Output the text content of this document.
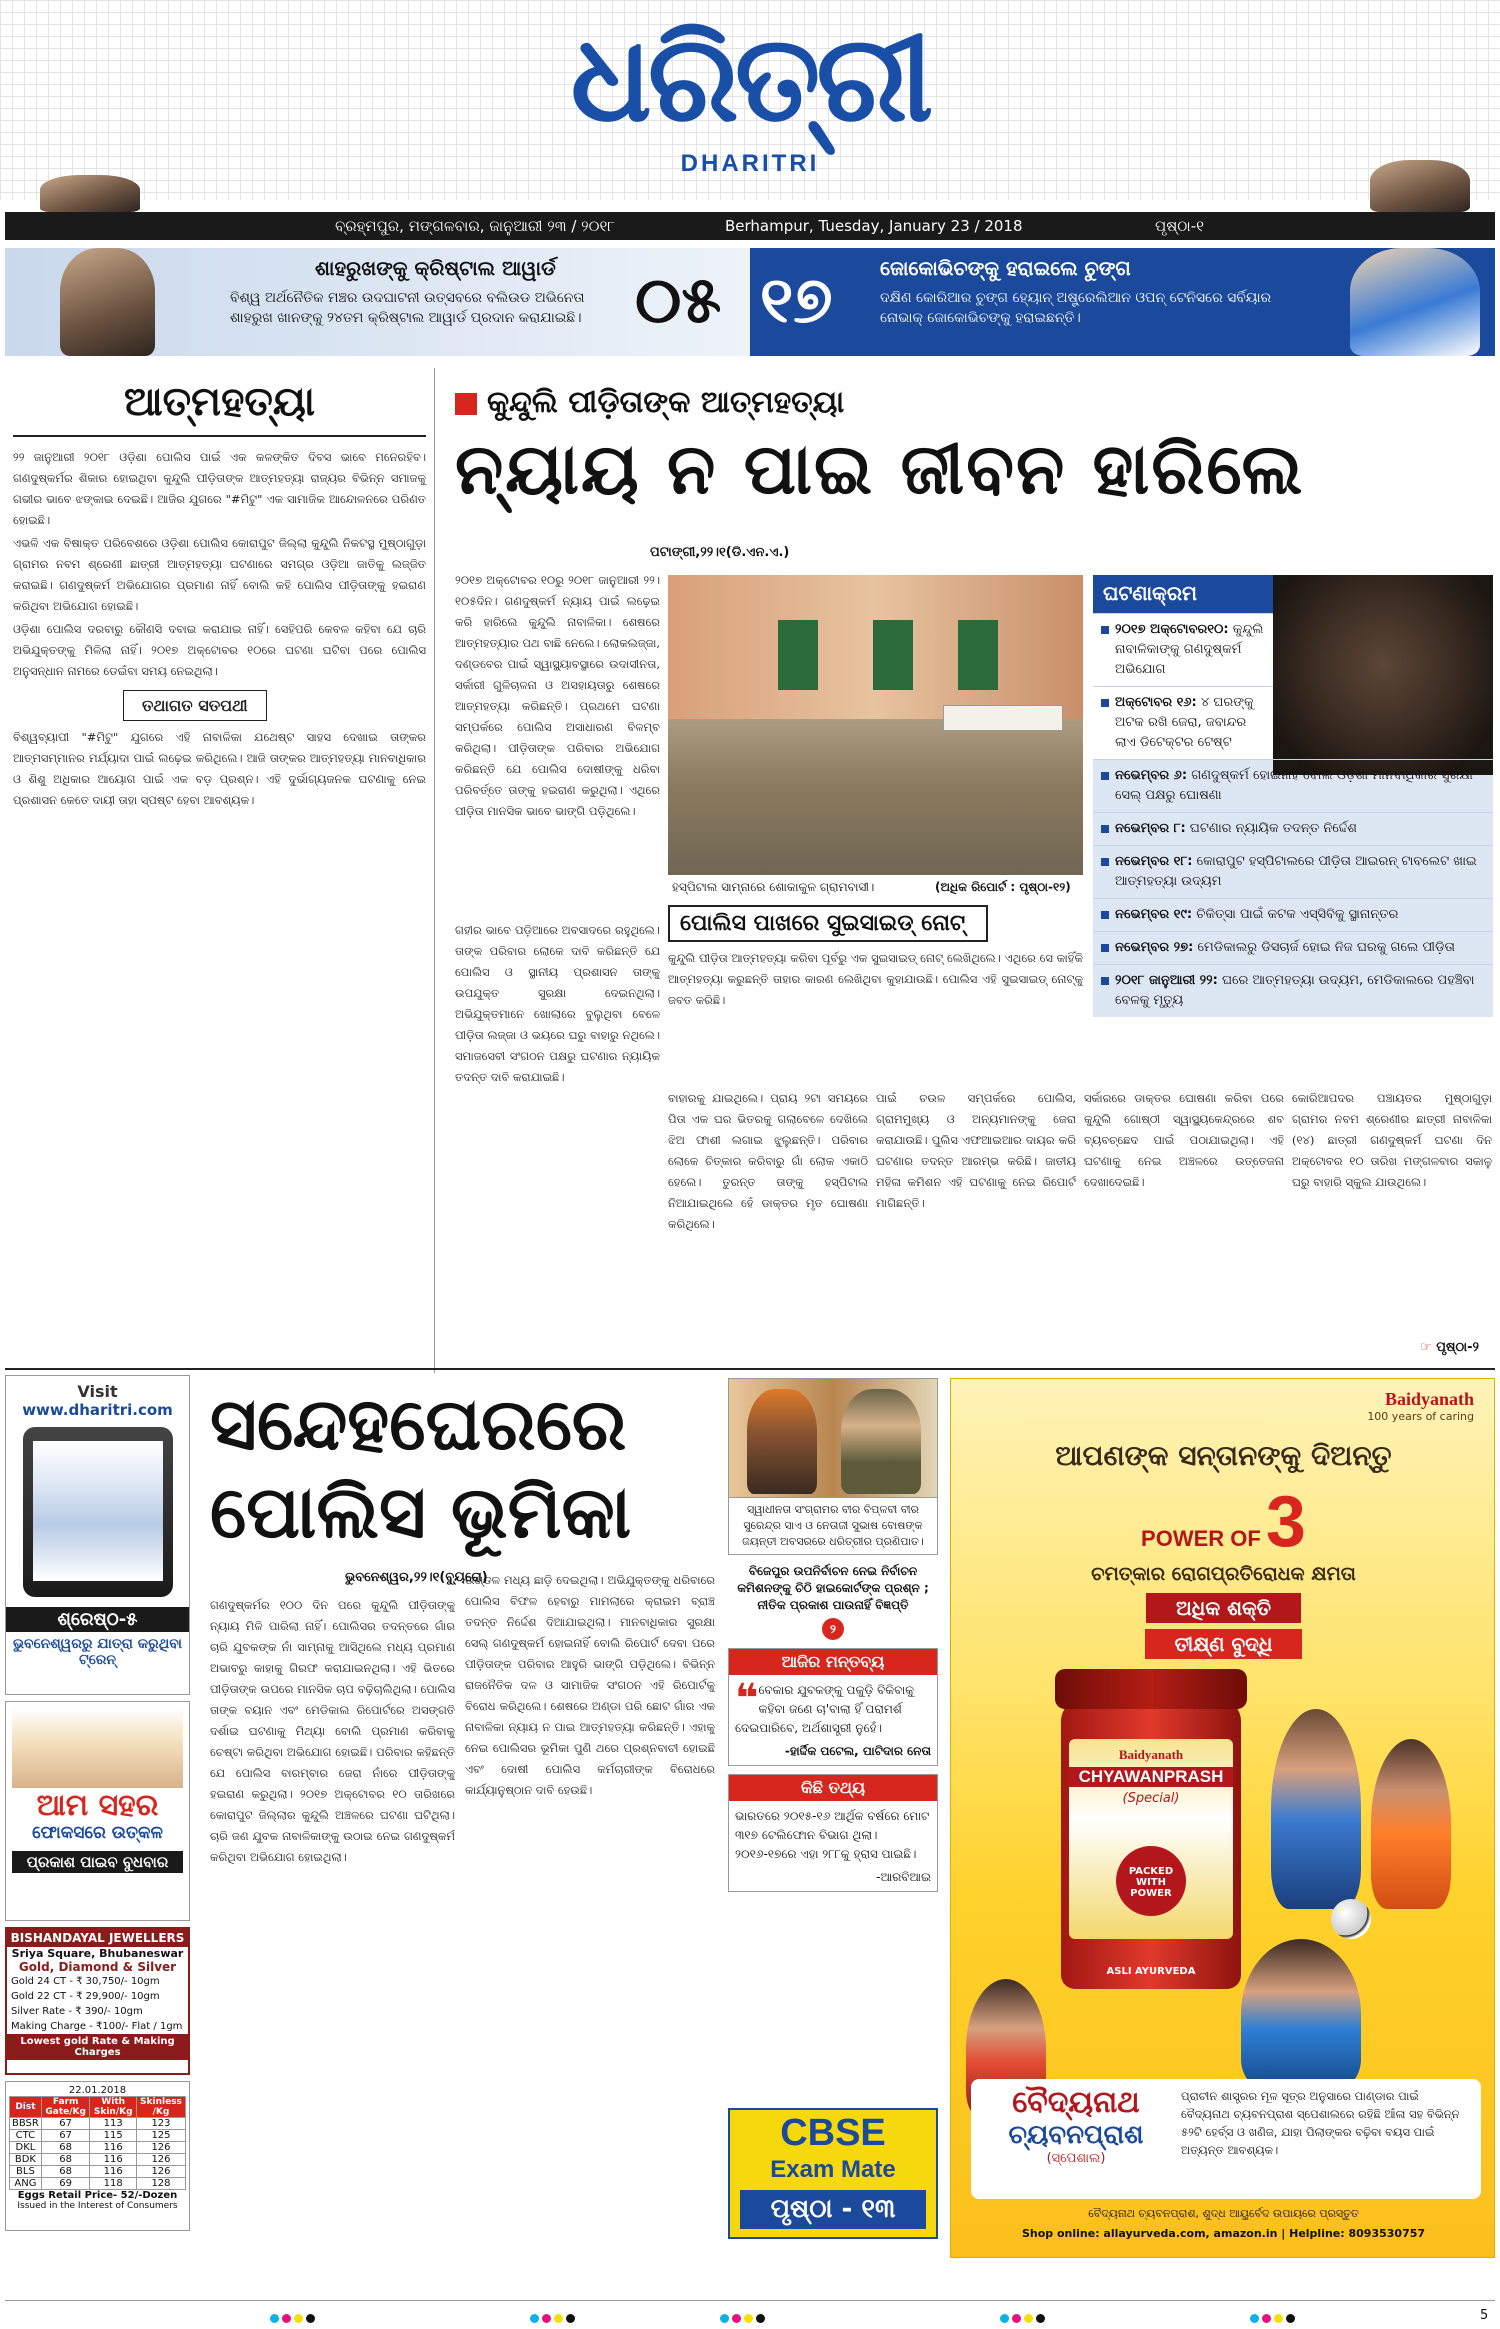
ଧରିତ୍ରୀ
DHARITRI
ବ୍ରହ୍ମପୁର, ମଙ୍ଗଳବାର, ଜାନୁଆରୀ ୨୩ / ୨୦୧୮	Berhampur, Tuesday, January 23 / 2018	ପୃଷ୍ଠା-୧
ଶାହରୁଖଙ୍କୁ କ୍ରିଷ୍ଟାଲ ଆୱାର୍ଡ
ବିଶ୍ୱ ଅର୍ଥନୈତିକ ମଞ୍ଚର ଉଦଘାଟନୀ ଉତ୍ସବରେ ବଲିଉଡ ଅଭିନେତା ଶାହରୁଖ ଖାନଙ୍କୁ ୨୪ତମ କ୍ରିଷ୍ଟାଲ ଆୱାର୍ଡ ପ୍ରଦାନ କରାଯାଇଛି। ୦୫ ୧୭ ଜୋକୋଭିଚଙ୍କୁ ହରାଇଲେ ଚୁଙ୍ଗ
ଦକ୍ଷିଣ କୋରିଆର ଚୁଙ୍ଗ ହ୍ୟୋନ୍ ଅଷ୍ଟ୍ରେଲିଆନ ଓପନ୍ ଟେନିସରେ ସର୍ବିୟାର ନୋଭାକ୍ ଜୋକୋଭିଚଙ୍କୁ ହରାଇଛନ୍ତି।
ଆତ୍ମହତ୍ୟା

୨୨ ଜାନୁଆରୀ ୨୦୧୮ ଓଡ଼ିଶା ପୋଲିସ ପାଇଁ ଏକ କଳଙ୍କିତ ଦିବସ ଭାବେ ମନେରହିବ। ଗଣଦୁଷ୍କର୍ମର ଶିକାର ହୋଇଥିବା କୁନ୍ଦୁଲି ପୀଡ଼ିତାଙ୍କ ଆତ୍ମହତ୍ୟା ରାଜ୍ୟର ବିଭିନ୍ନ ସମାଜକୁ ଗଭୀର ଭାବେ ଝଙ୍କାଇ ଦେଇଛି। ଆଜିର ଯୁଗରେ "#ମିଟୁ" ଏକ ସାମାଜିକ ଆନ୍ଦୋଳନରେ ପରିଣତ ହୋଇଛି।

ଏଭଳି ଏକ ବିଷାକ୍ତ ପରିବେଶରେ ଓଡ଼ିଶା ପୋଲିସ କୋରାପୁଟ ଜିଲ୍ଲା କୁନ୍ଦୁଲି ନିକଟସ୍ଥ ମୁଷ୍ଠାଗୁଡ଼ା ଗ୍ରାମର ନବମ ଶ୍ରେଣୀ ଛାତ୍ରୀ ଆତ୍ମହତ୍ୟା ଘଟଣାରେ ସମଗ୍ର ଓଡ଼ିଆ ଜାତିକୁ ଲଜ୍ଜିତ କରାଇଛି। ଗଣଦୁଷ୍କର୍ମ ଅଭିଯୋଗର ପ୍ରମାଣ ନାହିଁ ବୋଲି କହି ପୋଲିସ ପୀଡ଼ିତାଙ୍କୁ ହଇରାଣ କରିଥିବା ଅଭିଯୋଗ ହୋଇଛି।

ଓଡ଼ିଶା ପୋଲିସ ଦରବାରୁ କୌଣସି ଦବାଇ କରାଯାଇ ନାହିଁ। ସେହିପରି କେବଳ କହିବା ଯେ ଚାରି ଅଭିଯୁକ୍ତଙ୍କୁ ମିଳିଲା ନାହିଁ। ୨୦୧୭ ଅକ୍ଟୋବର ୧୦ରେ ଘଟଣା ଘଟିବା ପରେ ପୋଲିସ ଅନୁସନ୍ଧାନ ନାମରେ ଡେଇଁବା ସମୟ ନେଇଥିଲା।

ତଥାଗତ ସତପଥୀ

ବିଶ୍ୱବ୍ୟାପୀ "#ମିଟୁ" ଯୁଗରେ ଏହି ନାବାଳିକା ଯଥେଷ୍ଟ ସାହସ ଦେଖାଇ ତାଙ୍କର ଆତ୍ମସମ୍ମାନର ମର୍ଯ୍ୟାଦା ପାଇଁ ଲଢ଼େଇ କରିଥିଲେ। ଆଜି ତାଙ୍କର ଆତ୍ମହତ୍ୟା ମାନବାଧିକାର ଓ ଶିଶୁ ଅଧିକାର ଆୟୋଗ ପାଇଁ ଏକ ବଡ଼ ପ୍ରଶ୍ନ। ଏହି ଦୁର୍ଭାଗ୍ୟଜନକ ଘଟଣାକୁ ନେଇ ପ୍ରଶାସନ କେତେ ଦାୟୀ ତାହା ସ୍ପଷ୍ଟ ହେବା ଆବଶ୍ୟକ।

କୁନ୍ଦୁଲି ପୀଡ଼ିତାଙ୍କ ଆତ୍ମହତ୍ୟା
ନ୍ୟାୟ ନ ପାଇ ଜୀବନ ହାରିଲେ
ପଟାଙ୍ଗୀ,୨୨।୧(ଡି.ଏନ.ଏ.)
୨୦୧୭ ଅକ୍ଟୋବର ୧୦ରୁ ୨୦୧୮ ଜାନୁଆରୀ ୨୨। ୧୦୫ଦିନ। ଗଣଦୁଷ୍କର୍ମ ନ୍ୟାୟ ପାଇଁ ଲଢ଼େଇ କରି ହାରିଲେ କୁନ୍ଦୁଲି ନାବାଳିକା। ଶେଷରେ ଆତ୍ମହତ୍ୟାର ପଥ ବାଛି ନେଲେ। ଲୋକଲଜ୍ଜା, ଦଣ୍ଡବେର ପାଇଁ ସ୍ୱାସ୍ଥ୍ୟାବସ୍ଥାରେ ଉଦାସୀନତା, ସର୍କାରୀ ଗୁଳିଚାଳନା ଓ ଅସହାୟତାରୁ ଶେଷରେ ଆତ୍ମହତ୍ୟା କରିଛନ୍ତି। ପ୍ରଥମେ ଘଟଣା ସମ୍ପର୍କରେ ପୋଲିସ ଅସାଧାରଣ ବିଳମ୍ବ କରିଥିଲା। ପୀଡ଼ିତାଙ୍କ ପରିବାର ଅଭିଯୋଗ କରିଛନ୍ତି ଯେ ପୋଲିସ ଦୋଷୀଙ୍କୁ ଧରିବା ପରିବର୍ତ୍ତେ ତାଙ୍କୁ ହଇରାଣ କରୁଥିଲା। ଏଥିରେ ପୀଡ଼ିତା ମାନସିକ ଭାବେ ଭାଙ୍ଗି ପଡ଼ିଥିଲେ।
ଗହୀର ଭାବେ ପଡ଼ିଆରେ ଅବସାଦରେ ରହୁଥିଲେ। ତାଙ୍କ ପରିବାର ଲୋକେ ଦାବି କରିଛନ୍ତି ଯେ ପୋଲିସ ଓ ସ୍ଥାନୀୟ ପ୍ରଶାସନ ତାଙ୍କୁ ଉପଯୁକ୍ତ ସୁରକ୍ଷା ଦେଇନଥିଲା। ଅଭିଯୁକ୍ତମାନେ ଖୋଲାରେ ବୁଲୁଥିବା ବେଳେ ପୀଡ଼ିତା ଲଜ୍ଜା ଓ ଭୟରେ ଘରୁ ବାହାରୁ ନଥିଲେ। ସମାଜସେବୀ ସଂଗଠନ ପକ୍ଷରୁ ଘଟଣାର ନ୍ୟାୟିକ ତଦନ୍ତ ଦାବି କରାଯାଇଛି।
ହସ୍ପିଟାଲ ସାମ୍ନାରେ ଶୋକାକୁଳ ଗ୍ରାମବାସୀ।	(ଅଧିକ ରିପୋର୍ଟ : ପୃଷ୍ଠା-୧୨)
ପୋଲିସ ପାଖରେ ସୁଇସାଇଡ୍ ନୋଟ୍
କୁନ୍ଦୁଲି ପୀଡ଼ିତା ଆତ୍ମହତ୍ୟା କରିବା ପୂର୍ବରୁ ଏକ ସୁଇସାଇଡ୍ ନୋଟ୍ ଲେଖିଥିଲେ। ଏଥିରେ ସେ କାହିଁକି ଆତ୍ମହତ୍ୟା କରୁଛନ୍ତି ତାହାର କାରଣ ଲେଖିଥିବା କୁହାଯାଉଛି। ପୋଲିସ ଏହି ସୁଇସାଇଡ୍ ନୋଟ୍‌କୁ ଜବତ କରିଛି।
ଘଟଣାକ୍ରମ
୨୦୧୭ ଅକ୍ଟୋବର୧୦: କୁନ୍ଦୁଲି ନାବାଳିକାଙ୍କୁ ଗଣଦୁଷ୍କର୍ମ ଅଭିଯୋଗ
ଅକ୍ଟୋବର ୧୬: ୪ ଘରଙ୍କୁ ଅଟକ ରଖି ଜେରା, ଜବାନ୍ଦର ଲାଏ ଡିଟେକ୍ଟର ଟେଷ୍ଟ
ନଭେମ୍ବର ୬: ଗଣଦୁଷ୍କର୍ମ ହୋଇନାହିଁ ବୋଲି ଓଡ଼ିଶା ମାନବାଧିକାର ସୁରକ୍ଷା ସେଲ୍ ପକ୍ଷରୁ ଘୋଷଣା
ନଭେମ୍ବର ୮: ଘଟଣାର ନ୍ୟାୟିକ ତଦନ୍ତ ନିର୍ଦ୍ଦେଶ
ନଭେମ୍ବର ୧୮: କୋରାପୁଟ ହସ୍ପିଟାଲରେ ପୀଡ଼ିତା ଆଇରନ୍ ଟାବଲେଟ ଖାଇ ଆତ୍ମହତ୍ୟା ଉଦ୍ୟମ
ନଭେମ୍ବର ୧୯: ଚିକିତ୍ସା ପାଇଁ କଟକ ଏସ୍‌ସିବିକୁ ସ୍ଥାନାନ୍ତର
ନଭେମ୍ବର ୨୭: ମେଡିକାଲରୁ ଡିସଚାର୍ଜ ହୋଇ ନିଜ ଘରକୁ ଗଲେ ପୀଡ଼ିତା
୨୦୧୮ ଜାନୁଆରୀ ୨୨: ଘରେ ଆତ୍ମହତ୍ୟା ଉଦ୍ୟମ, ମେଡିକାଲରେ ପହଞ୍ଚିବା ବେଳକୁ ମୃତ୍ୟୁ
ବାହାରକୁ ଯାଇଥିଲେ। ପ୍ରାୟ ୨ଟା ସମୟରେ ପିତା ଏକ ଘର ଭିତରକୁ ଗଲାବେଳେ ଦେଖିଲେ ଝିଅ ଫାଶୀ ଲଗାଇ ଝୁଲୁଛନ୍ତି। ପରିବାର ଲୋକେ ଚିତ୍କାର କରିବାରୁ ଗାଁ ଲୋକ ଏକାଠି ହେଲେ। ତୁରନ୍ତ ତାଙ୍କୁ ହସ୍ପିଟାଲ ନିଆଯାଇଥିଲେ ହେଁ ଡାକ୍ତର ମୃତ ଘୋଷଣା କରିଥିଲେ।
ପାଇଁ ଚଉଳ ସମ୍ପର୍କରେ ପୋଲିସ, ଗ୍ରାମମୁଖ୍ୟ ଓ ଅନ୍ୟମାନଙ୍କୁ ଜେରା କରାଯାଉଛି। ପୁଲିସ ଏଫଆଇଆର ଦାୟର କରି ଘଟଣାର ତଦନ୍ତ ଆରମ୍ଭ କରିଛି। ଜାତୀୟ ମହିଳା କମିଶନ ଏହି ଘଟଣାକୁ ନେଇ ରିପୋର୍ଟ ମାଗିଛନ୍ତି।
ସର୍କାରରେ ଡାକ୍ତର ଘୋଷଣା କରିବା ପରେ କୁନ୍ଦୁଲି ଗୋଷ୍ଠୀ ସ୍ୱାସ୍ଥ୍ୟକେନ୍ଦ୍ରରେ ଶବ ବ୍ୟବଚ୍ଛେଦ ପାଇଁ ପଠାଯାଇଥିଲା। ଏହି ଘଟଣାକୁ ନେଇ ଅଞ୍ଚଳରେ ଉତ୍ତେଜନା ଦେଖାଦେଇଛି।
କୋରିଆପଦର ପଞ୍ଚାୟତର ମୁଷ୍ଠାଗୁଡ଼ା ଗ୍ରାମର ନବମ ଶ୍ରେଣୀର ଛାତ୍ରୀ ନାବାଳିକା (୧୪) ଛାତ୍ରୀ ଗଣଦୁଷ୍କର୍ମ ଘଟଣା ଦିନ ଅକ୍ଟୋବର ୧୦ ତାରିଖ ମଙ୍ଗଳବାର ସକାଳୁ ଘରୁ ବାହାରି ସ୍କୁଲ ଯାଉଥିଲେ।
☞ ପୃଷ୍ଠା-୨
Visit
www.dharitri.com
ଶ୍ରେଷ୍ଠ-୫
ଭୁବନେଶ୍ୱରରୁ ଯାତ୍ରା କରୁଥିବା ଟ୍ରେନ୍
ଆମ ସହର
ଫୋକସରେ ଉତ୍କଳ
ପ୍ରକାଶ ପାଇବ ବୁଧବାର
BISHANDAYAL JEWELLERS
Sriya Square, Bhubaneswar
Gold, Diamond & Silver
Gold 24 CT - ₹ 30,750/- 10gm
Gold 22 CT - ₹ 29,900/- 10gm
Silver Rate - ₹ 390/- 10gm
Making Charge - ₹100/- Flat / 1gm
Lowest gold Rate & Making Charges
22.01.2018
Dist	Farm Gate/Kg	With Skin/Kg	Skinless /Kg
BBSR	67	113	123
CTC	67	115	125
DKL	68	116	126
BDK	68	116	126
BLS	68	116	126
ANG	69	118	128
Eggs Retail Price- 52/-Dozen
Issued in the Interest of Consumers
ସନ୍ଦେହଘେରରେ
ପୋଲିସ ଭୂମିକା
ଭୁବନେଶ୍ୱର,୨୨।୧(ବ୍ୟୁରୋ)
ଗଣଦୁଷ୍କର୍ମର ୧୦୦ ଦିନ ପରେ କୁନ୍ଦୁଲି ପୀଡ଼ିତାଙ୍କୁ ନ୍ୟାୟ ମିଳି ପାରିଲା ନାହିଁ। ପୋଲିସର ତଦନ୍ତରେ ଗାଁର ଚାରି ଯୁବକଙ୍କ ନାଁ ସାମ୍ନାକୁ ଆସିଥିଲେ ମଧ୍ୟ ପ୍ରମାଣ ଅଭାବରୁ କାହାକୁ ଗିରଫ କରାଯାଇନଥିଲା। ଏହି ଭିତରେ ପୀଡ଼ିତାଙ୍କ ଉପରେ ମାନସିକ ଚାପ ବଢ଼ିଚାଲିଥିଲା। ପୋଲିସ ତାଙ୍କ ବୟାନ ଏବଂ ମେଡିକାଲ ରିପୋର୍ଟରେ ଅସଙ୍ଗତି ଦର୍ଶାଇ ଘଟଣାକୁ ମିଥ୍ୟା ବୋଲି ପ୍ରମାଣ କରିବାକୁ ଚେଷ୍ଟା କରିଥିବା ଅଭିଯୋଗ ହୋଇଛି। ପରିବାର କହିଛନ୍ତି ଯେ ପୋଲିସ ବାରମ୍ବାର ଜେରା ନାଁରେ ପୀଡ଼ିତାଙ୍କୁ ହଇରାଣ କରୁଥିଲା। ୨୦୧୭ ଅକ୍ଟୋବର ୧୦ ତାରିଖରେ କୋରାପୁଟ ଜିଲ୍ଲାର କୁନ୍ଦୁଲି ଅଞ୍ଚଳରେ ଘଟଣା ଘଟିଥିଲା। ଚାରି ଜଣ ଯୁବକ ନାବାଳିକାଙ୍କୁ ଉଠାଇ ନେଇ ଗଣଦୁଷ୍କର୍ମ କରିଥିବା ଅଭିଯୋଗ ହୋଇଥିଲା।
ଉଣ୍ଡଳ ମଧ୍ୟ ଛାଡ଼ି ଦେଇଥିଲା। ଅଭିଯୁକ୍ତଙ୍କୁ ଧରିବାରେ ପୋଲିସ ବିଫଳ ହେବାରୁ ମାମଲାରେ କ୍ରାଇମ ବ୍ରାଞ୍ଚ ତଦନ୍ତ ନିର୍ଦ୍ଦେଶ ଦିଆଯାଇଥିଲା। ମାନବାଧିକାର ସୁରକ୍ଷା ସେଲ୍ ଗଣଦୁଷ୍କର୍ମ ହୋଇନାହିଁ ବୋଲି ରିପୋର୍ଟ ଦେବା ପରେ ପୀଡ଼ିତାଙ୍କ ପରିବାର ଆହୁରି ଭାଙ୍ଗି ପଡ଼ିଥିଲେ। ବିଭିନ୍ନ ରାଜନୈତିକ ଦଳ ଓ ସାମାଜିକ ସଂଗଠନ ଏହି ରିପୋର୍ଟକୁ ବିରୋଧ କରିଥିଲେ। ଶେଷରେ ଅଣ୍ଡା ପରି ଛୋଟ ଗାଁର ଏକ ନାବାଳିକା ନ୍ୟାୟ ନ ପାଇ ଆତ୍ମହତ୍ୟା କରିଛନ୍ତି। ଏହାକୁ ନେଇ ପୋଲିସର ଭୂମିକା ପୁଣି ଥରେ ପ୍ରଶ୍ନବାଚୀ ହୋଇଛି ଏବଂ ଦୋଷୀ ପୋଲିସ କର୍ମଚାରୀଙ୍କ ବିରୋଧରେ କାର୍ଯ୍ୟାନୁଷ୍ଠାନ ଦାବି ହେଉଛି।
ସ୍ୱାଧୀନତା ସଂଗ୍ରାମର ବୀର ବିପ୍ଳବୀ ବୀର ସୁରେନ୍ଦ୍ର ସାଏ ଓ ନେତାଜୀ ସୁଭାଷ ବୋଷଙ୍କ ଜୟନ୍ତୀ ଅବସରରେ ଧରିତ୍ରୀର ପ୍ରଣିପାତ।
ବିଜେପୁର ଉପନିର୍ବାଚନ ନେଇ ନିର୍ବାଚନ କମିଶନଙ୍କୁ ଚିଠି ହାଇକୋର୍ଟଙ୍କ ପ୍ରଶ୍ନ ; ନୀତିକ ପ୍ରକାଶ ପାଉନାହିଁ ବିଜ୍ଞପ୍ତି
୨
ଆଜିର ମନ୍ତବ୍ୟ
❝ ବେକାର ଯୁବକଙ୍କୁ ପକୁଡ଼ି ବିକିବାକୁ କହିବା ଜଣେ ଚା'ବାଲା ହିଁ ପରାମର୍ଶ ଦେଇପାରିବେ, ଅର୍ଥଶାସ୍ତ୍ରୀ ନୁହେଁ।
-ହାର୍ଦ୍ଦିକ ପଟେଲ, ପାଟିଦାର ନେତା
କିଛି ତଥ୍ୟ
ଭାରତରେ ୨୦୧୫-୧୬ ଆର୍ଥିକ ବର୍ଷରେ ମୋଟ ୩୧୭ ଟେଲିଫୋନ ବିଭାଗ ଥିଲା। ୨୦୧୬-୧୭ରେ ଏହା ୨୮୮କୁ ହ୍ରାସ ପାଇଛି।
-ଆରବିଆଇ
CBSE
Exam Mate
ପୃଷ୍ଠା - ୧୩
Baidyanath
100 years of caring
ଆପଣଙ୍କ ସନ୍ତାନଙ୍କୁ ଦିଅନ୍ତୁ
POWER OF 3
ଚମତ୍କାର ରୋଗପ୍ରତିରୋଧକ କ୍ଷମତା
ଅଧିକ ଶକ୍ତି
ତୀକ୍ଷ୍ଣ ବୁଦ୍ଧି
Baidyanath
CHYAWANPRASH
(Special)
PACKED WITH POWER
ASLI AYURVEDA
ବୈଦ୍ୟନାଥ
ଚ୍ୟବନପ୍ରାଶ
(ସ୍ପେଶାଲ)
ପ୍ରାଚୀନ ଶାସ୍ତ୍ରର ମୂଳ ସୂତ୍ର ଅନୁସାରେ ପାଣ୍ଡାର ପାଇଁ ବୈଦ୍ୟନାଥ ଚ୍ୟବନପ୍ରାଶ ସ୍ପେଶାଲରେ ରହିଛି ଆଁଳା ସହ ବିଭିନ୍ନ ୫୨ଟି ହେର୍ବ୍ସ ଓ ଖଣିଜ, ଯାହା ପିଲାଙ୍କର ବଢ଼ିବା ବୟସ ପାଇଁ ଅତ୍ୟନ୍ତ ଆବଶ୍ୟକ।
ବୈଦ୍ୟନାଥ ଚ୍ୟବନପ୍ରାଶ, ଶୁଦ୍ଧ ଆୟୁର୍ବେଦ ଉପାୟରେ ପ୍ରସ୍ତୁତ
Shop online: allayurveda.com, amazon.in | Helpline: 8093530757
5
